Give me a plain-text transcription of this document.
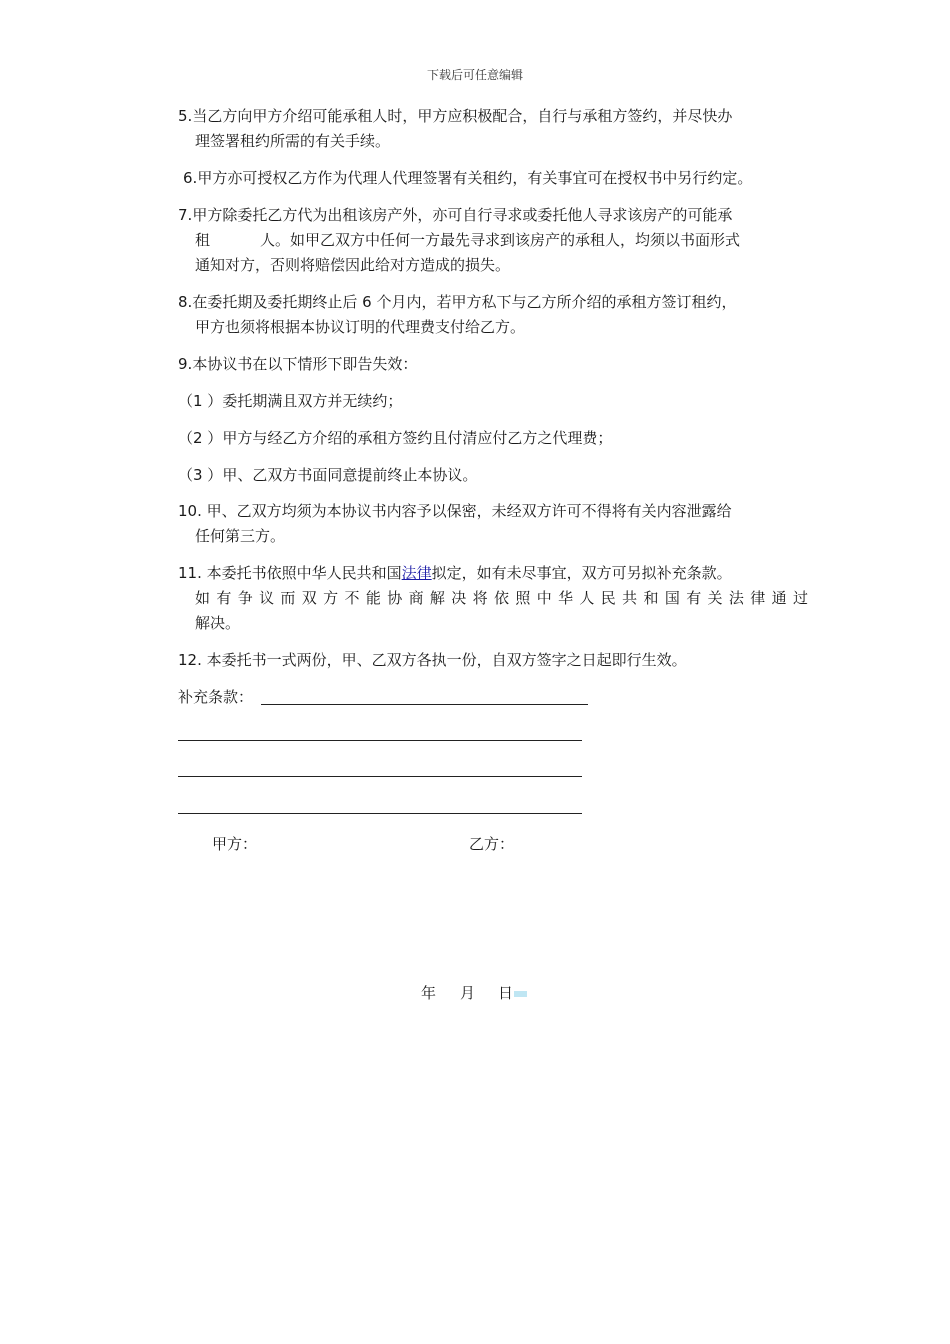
下载后可任意编辑
5.当乙方向甲方介绍可能承租人时，甲方应积极配合，自行与承租方签约，并尽快办
理签署租约所需的有关手续。
6.甲方亦可授权乙方作为代理人代理签署有关租约，有关事宜可在授权书中另行约定。
7.甲方除委托乙方代为出租该房产外，亦可自行寻求或委托他人寻求该房产的可能承
租	人。如甲乙双方中任何一方最先寻求到该房产的承租人，均须以书面形式
通知对方，否则将赔偿因此给对方造成的损失。
8.在委托期及委托期终止后 6 个月内，若甲方私下与乙方所介绍的承租方签订租约，
甲方也须将根据本协议订明的代理费支付给乙方。
9.本协议书在以下情形下即告失效：
（1 ）委托期满且双方并无续约；
（2 ）甲方与经乙方介绍的承租方签约且付清应付乙方之代理费；
（3 ）甲、乙双方书面同意提前终止本协议。
10. 甲、乙双方均须为本协议书内容予以保密，未经双方许可不得将有关内容泄露给
任何第三方。
11. 本委托书依照中华人民共和国法律拟定，如有未尽事宜，双方可另拟补充条款。
如有争议而双方不能协商解决将依照中华人民共和国有关法律通过
解决。
12. 本委托书一式两份，甲、乙双方各执一份，自双方签字之日起即行生效。
补充条款：
甲方：	乙方：
年 月 日
